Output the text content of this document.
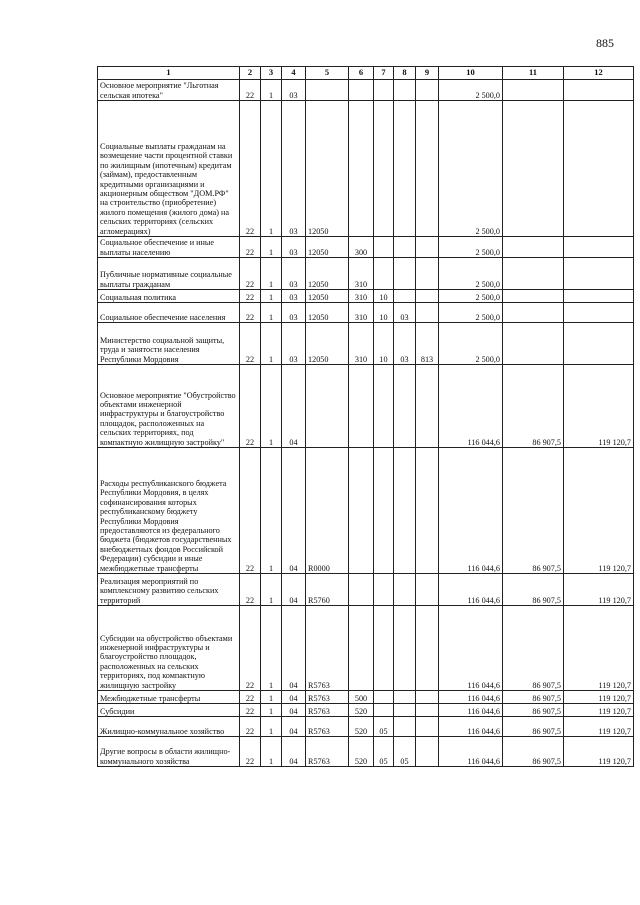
885
1	2	3	4	5	6	7	8	9	10	11	12
Основное мероприятие "Льготная сельская ипотека"	22	1	03						2 500,0		
Социальные выплаты гражданам на возмещение части процентной ставки по жилищным (ипотечным) кредитам (займам), предоставленным кредитными организациями и акционерным обществом "ДОМ.РФ" на строительство (приобретение) жилого помещения (жилого дома) на сельских территориях (сельских агломерациях)	22	1	03	12050					2 500,0		
Социальное обеспечение и иные выплаты населению	22	1	03	12050	300				2 500,0		
Публичные нормативные социальные выплаты гражданам	22	1	03	12050	310				2 500,0		
Социальная политика	22	1	03	12050	310	10			2 500,0		
Социальное обеспечение населения	22	1	03	12050	310	10	03		2 500,0		
Министерство социальной защиты, труда и занятости населения Республики Мордовия	22	1	03	12050	310	10	03	813	2 500,0		
Основное мероприятие "Обустройство объектами инженерной инфраструктуры и благоустройство площадок, расположенных на сельских территориях, под компактную жилищную застройку"	22	1	04						116 044,6	86 907,5	119 120,7
Расходы республиканского бюджета Республики Мордовия, в целях софинансирования которых республиканскому бюджету Республики Мордовия предоставляются из федерального бюджета (бюджетов государственных внебюджетных фондов Российской Федерации) субсидии и иные межбюджетные трансферты	22	1	04	R0000					116 044,6	86 907,5	119 120,7
Реализация мероприятий по комплексному развитию сельских территорий	22	1	04	R5760					116 044,6	86 907,5	119 120,7
Субсидии на обустройство объектами инженерной инфраструктуры и благоустройство площадок, расположенных на сельских территориях, под компактную жилищную застройку	22	1	04	R5763					116 044,6	86 907,5	119 120,7
Межбюджетные трансферты	22	1	04	R5763	500				116 044,6	86 907,5	119 120,7
Субсидии	22	1	04	R5763	520				116 044,6	86 907,5	119 120,7
Жилищно-коммунальное хозяйство	22	1	04	R5763	520	05			116 044,6	86 907,5	119 120,7
Другие вопросы в области жилищно-коммунального хозяйства	22	1	04	R5763	520	05	05		116 044,6	86 907,5	119 120,7
